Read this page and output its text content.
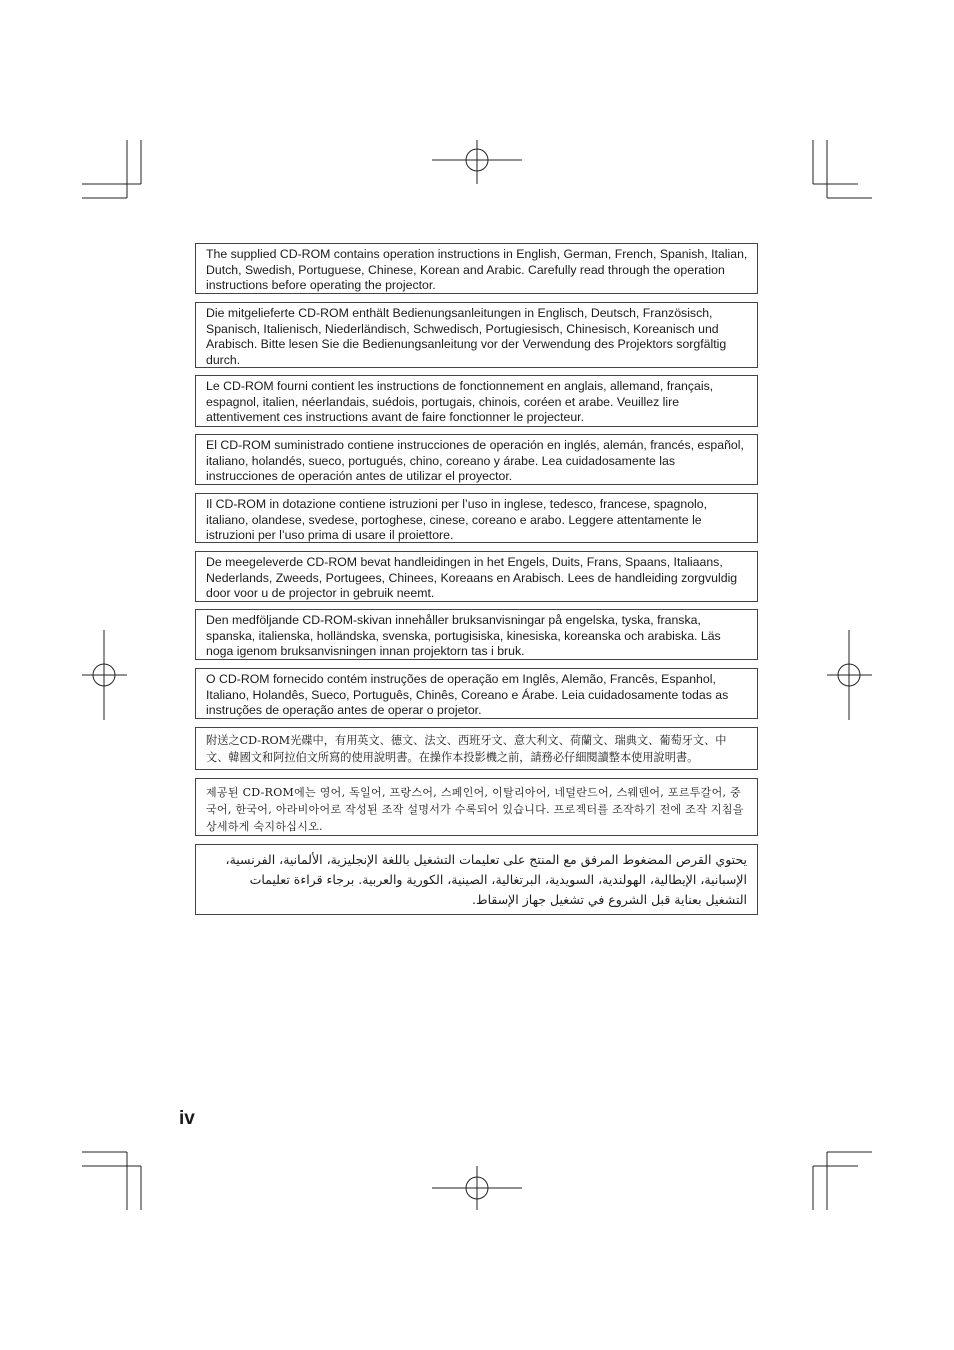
The supplied CD-ROM contains operation instructions in English, German, French, Spanish, Italian, Dutch, Swedish, Portuguese, Chinese, Korean and Arabic. Carefully read through the operation instructions before operating the projector.

Die mitgelieferte CD-ROM enthält Bedienungsanleitungen in Englisch, Deutsch, Französisch, Spanisch, Italienisch, Niederländisch, Schwedisch, Portugiesisch, Chinesisch, Koreanisch und Arabisch. Bitte lesen Sie die Bedienungsanleitung vor der Verwendung des Projektors sorgfältig durch.

Le CD-ROM fourni contient les instructions de fonctionnement en anglais, allemand, français, espagnol, italien, néerlandais, suédois, portugais, chinois, coréen et arabe. Veuillez lire attentivement ces instructions avant de faire fonctionner le projecteur.

El CD-ROM suministrado contiene instrucciones de operación en inglés, alemán, francés, español, italiano, holandés, sueco, portugués, chino, coreano y árabe. Lea cuidadosamente las instrucciones de operación antes de utilizar el proyector.

Il CD-ROM in dotazione contiene istruzioni per l’uso in inglese, tedesco, francese, spagnolo, italiano, olandese, svedese, portoghese, cinese, coreano e arabo. Leggere attentamente le istruzioni per l’uso prima di usare il proiettore.

De meegeleverde CD-ROM bevat handleidingen in het Engels, Duits, Frans, Spaans, Italiaans, Nederlands, Zweeds, Portugees, Chinees, Koreaans en Arabisch. Lees de handleiding zorgvuldig door voor u de projector in gebruik neemt.

Den medföljande CD-ROM-skivan innehåller bruksanvisningar på engelska, tyska, franska, spanska, italienska, holländska, svenska, portugisiska, kinesiska, koreanska och arabiska. Läs noga igenom bruksanvisningen innan projektorn tas i bruk.

O CD-ROM fornecido contém instruções de operação em Inglês, Alemão, Francês, Espanhol, Italiano, Holandês, Sueco, Português, Chinês, Coreano e Árabe. Leia cuidadosamente todas as instruções de operação antes de operar o projetor.

附送之CD-ROM光碟中，有用英文、德文、法文、西班牙文、意大利文、荷蘭文、瑞典文、葡萄牙文、中文、韓國文和阿拉伯文所寫的使用說明書。在操作本投影機之前，請務必仔細閱讀整本使用說明書。

제공된 CD-ROM에는 영어, 독일어, 프랑스어, 스페인어, 이탈리아어, 네덜란드어, 스웨덴어, 포르투갈어, 중국어, 한국어, 아라비아어로 작성된 조작 설명서가 수록되어 있습니다. 프로젝터를 조작하기 전에 조작 지침을 상세하게 숙지하십시오.

يحتوي القرص المضغوط المرفق مع المنتج على تعليمات التشغيل باللغة الإنجليزية، الألمانية، الفرنسية، الإسبانية، الإيطالية، الهولندية، السويدية، البرتغالية، الصينية، الكورية والعربية. برجاء قراءة تعليمات التشغيل بعناية قبل الشروع في تشغيل جهاز الإسقاط.

iv
